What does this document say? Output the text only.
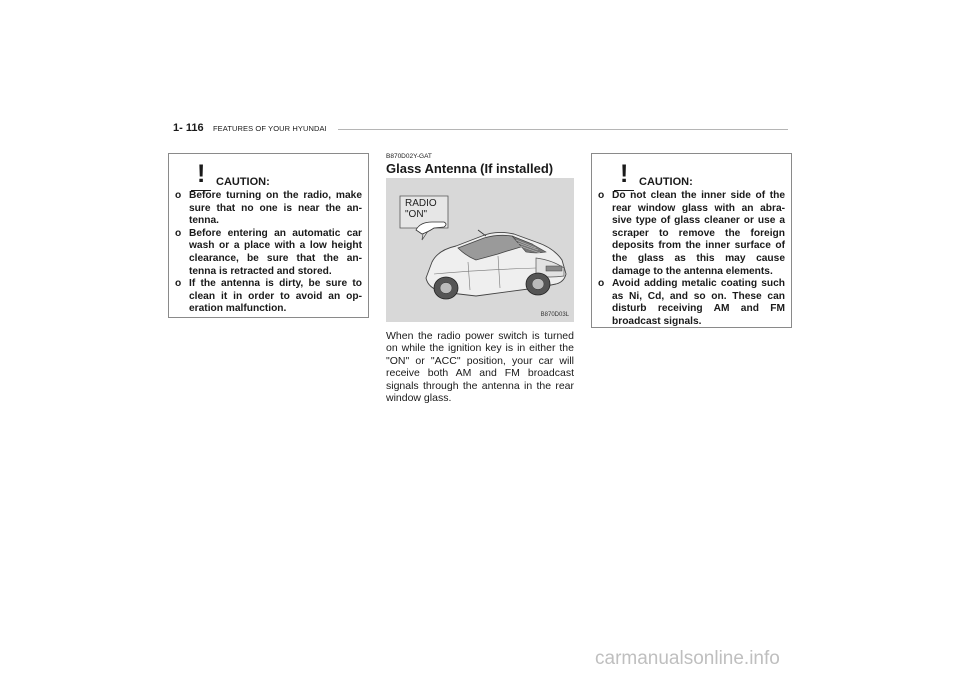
1- 116 FEATURES OF YOUR HYUNDAI
! CAUTION:
o Before turning on the radio, make sure that no one is near the an-tenna.
o Before entering an automatic car wash or a place with a low height clearance, be sure that the an-tenna is retracted and stored.
o If the antenna is dirty, be sure to clean it in order to avoid an op-eration malfunction.
B870D02Y-GAT
Glass Antenna (If installed)
RADIO
"ON"
B870D03L

When the radio power switch is turned on while the ignition key is in either the "ON" or "ACC" position, your car will receive both AM and FM broadcast signals through the antenna in the rear window glass.

! CAUTION:
o Do not clean the inner side of the rear window glass with an abra-sive type of glass cleaner or use a scraper to remove the foreign deposits from the inner surface of the glass as this may cause damage to the antenna elements.
o Avoid adding metalic coating such as Ni, Cd, and so on. These can disturb receiving AM and FM broadcast signals.
carmanualsonline.info
